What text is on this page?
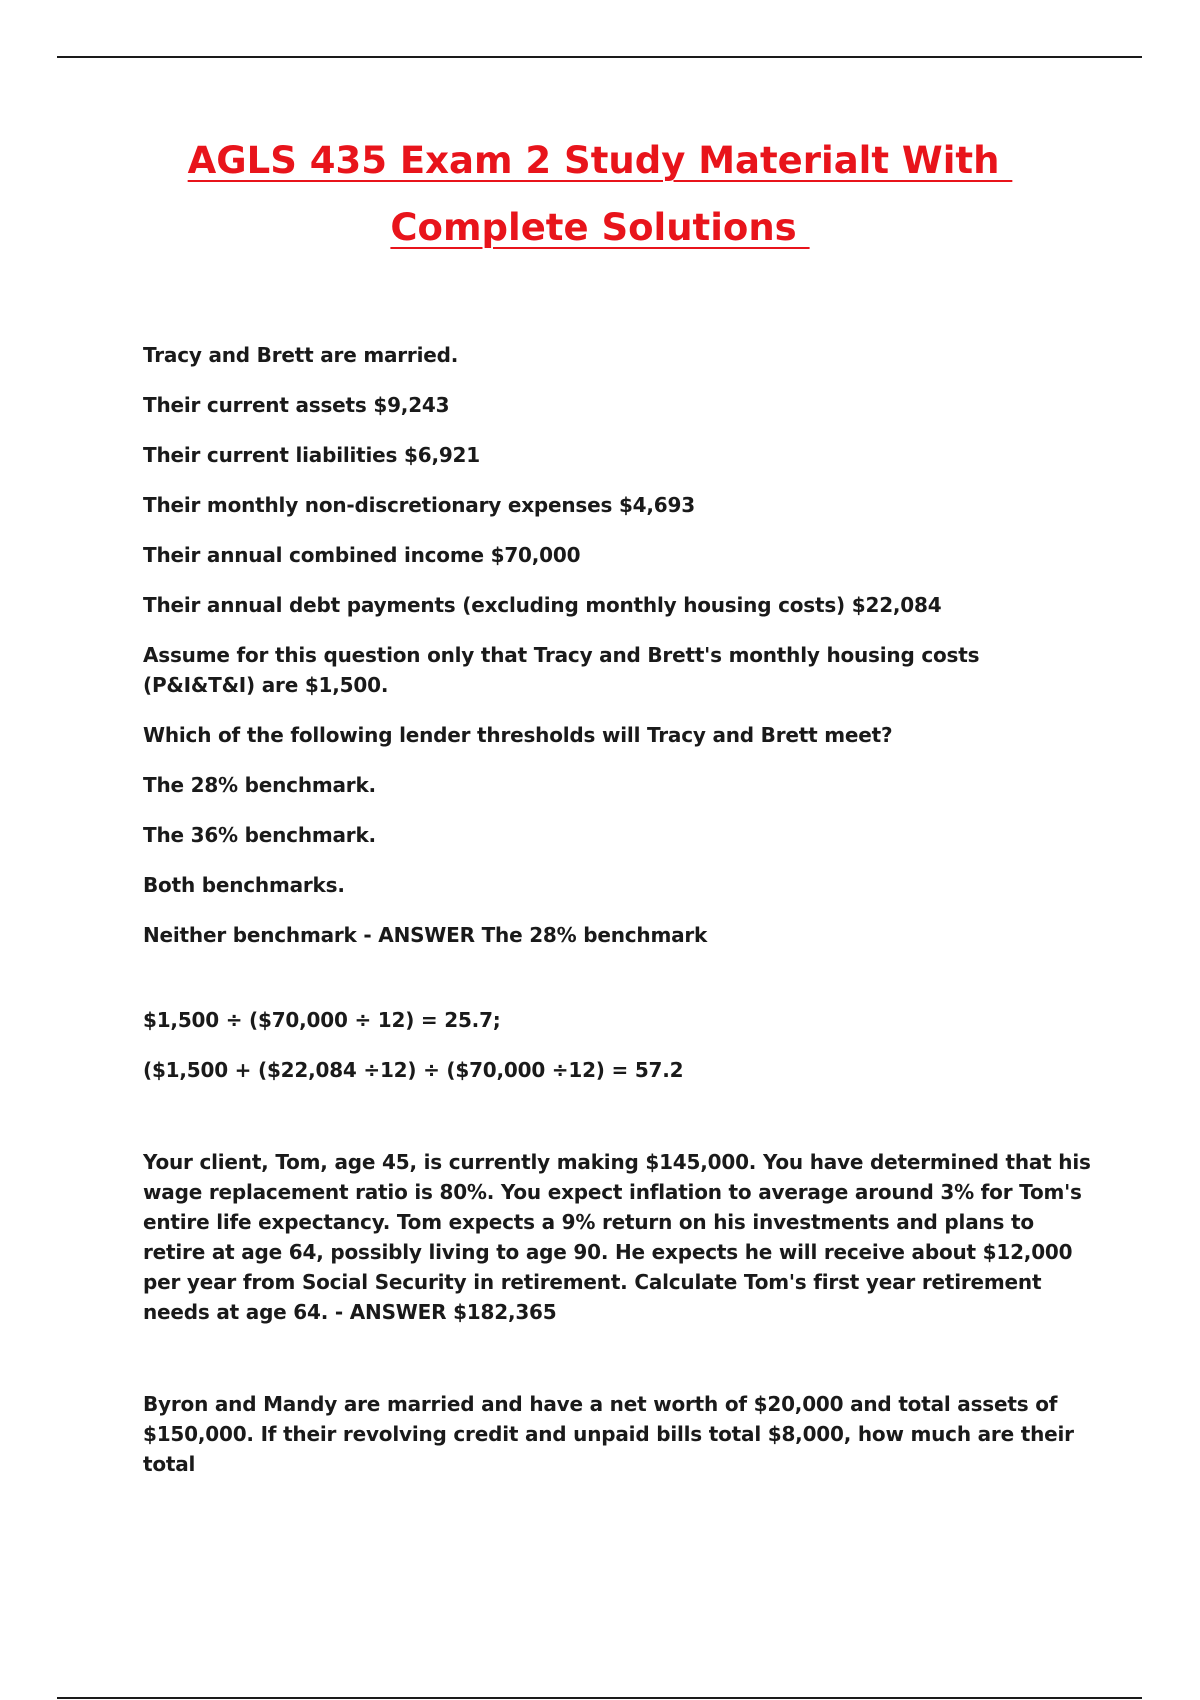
AGLS 435 Exam 2 Study Materialt With
Complete Solutions

Tracy and Brett are married.

Their current assets $9,243

Their current liabilities $6,921

Their monthly non-discretionary expenses $4,693

Their annual combined income $70,000

Their annual debt payments (excluding monthly housing costs) $22,084

Assume for this question only that Tracy and Brett's monthly housing costs (P&I&T&I) are $1,500.

Which of the following lender thresholds will Tracy and Brett meet?

The 28% benchmark.

The 36% benchmark.

Both benchmarks.

Neither benchmark - ANSWER The 28% benchmark

$1,500 ÷ ($70,000 ÷ 12) = 25.7;

($1,500 + ($22,084 ÷12) ÷ ($70,000 ÷12) = 57.2

Your client, Tom, age 45, is currently making $145,000. You have determined that his wage replacement ratio is 80%. You expect inflation to average around 3% for Tom's entire life expectancy. Tom expects a 9% return on his investments and plans to retire at age 64, possibly living to age 90. He expects he will receive about $12,000 per year from Social Security in retirement. Calculate Tom's first year retirement needs at age 64. - ANSWER $182,365

Byron and Mandy are married and have a net worth of $20,000 and total assets of $150,000. If their revolving credit and unpaid bills total $8,000, how much are their total
